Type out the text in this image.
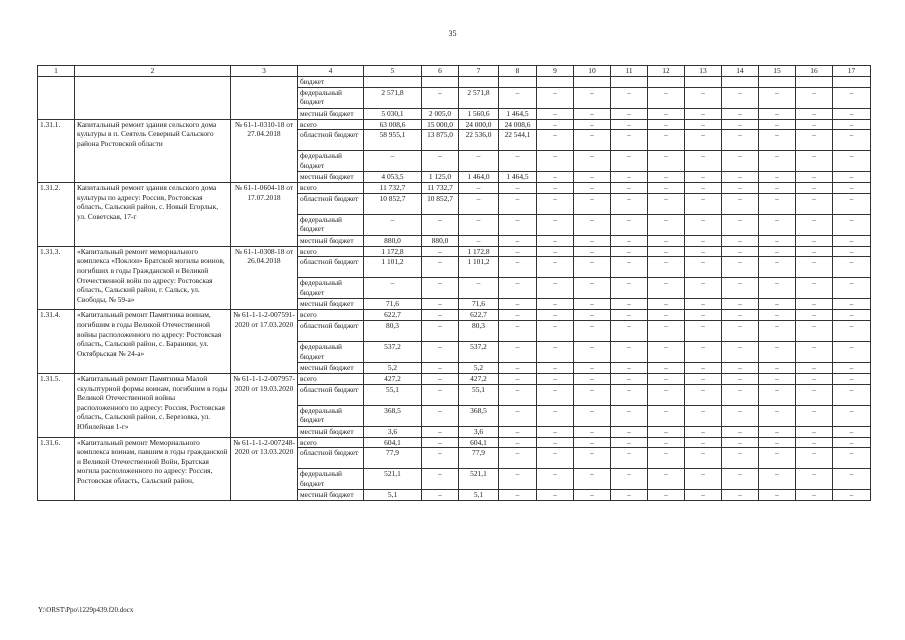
35
1	2	3	4	5	6	7	8	9	10	11	12	13	14	15	16	17
			бюджет													
			федеральный бюджет	2 571,8	–	2 571,8	–	–	–	–	–	–	–	–	–	–
			местный бюджет	5 030,1	2 005,0	1 560,6	1 464,5	–	–	–	–	–	–	–	–	–
1.31.1.	Капитальный ремонт здания сельского дома культуры в п. Сеятель Северный Сальского района Ростовской области	№ 61-1-0310-18 от 27.04.2018	всего	63 008,6	15 000,0	24 000,0	24 008,6	–	–	–	–	–	–	–	–	–
			областной бюджет	58 955,1	13 875,0	22 536,0	22 544,1	–	–	–	–	–	–	–	–	–
			федеральный бюджет	–	–	–	–	–	–	–	–	–	–	–	–	–
			местный бюджет	4 053,5	1 125,0	1 464,0	1 464,5	–	–	–	–	–	–	–	–	–
1.31.2.	Капитальный ремонт здания сельского дома культуры по адресу: Россия, Ростовская область, Сальский район, с. Новый Егорлык, ул. Советская, 17-г	№ 61-1-0604-18 от 17.07.2018	всего	11 732,7	11 732,7	–	–	–	–	–	–	–	–	–	–	–
			областной бюджет	10 852,7	10 852,7	–	–	–	–	–	–	–	–	–	–	–
			федеральный бюджет	–	–	–	–	–	–	–	–	–	–	–	–	–
			местный бюджет	880,0	880,0	–	–	–	–	–	–	–	–	–	–	–
1.31.3.	«Капитальный ремонт мемориального комплекса «Поклон» Братской могилы воинов, погибших в годы Гражданской и Великой Отечественной войн по адресу: Ростовская область, Сальский район, г. Сальск, ул. Свободы, № 59-а»	№ 61-1-0308-18 от 26.04.2018	всего	1 172,8	–	1 172,8	–	–	–	–	–	–	–	–	–	–
			областной бюджет	1 101,2	–	1 101,2	–	–	–	–	–	–	–	–	–	–
			федеральный бюджет	–	–	–	–	–	–	–	–	–	–	–	–	–
			местный бюджет	71,6	–	71,6	–	–	–	–	–	–	–	–	–	–
1.31.4.	«Капитальный ремонт Памятника воинам, погибшим в годы Великой Отечественной войны расположенного по адресу: Ростовская область, Сальский район, с. Бараники, ул. Октябрьская № 24-а»	№ 61-1-1-2-007591-2020 от 17.03.2020	всего	622,7	–	622,7	–	–	–	–	–	–	–	–	–	–
			областной бюджет	80,3	–	80,3	–	–	–	–	–	–	–	–	–	–
			федеральный бюджет	537,2	–	537,2	–	–	–	–	–	–	–	–	–	–
			местный бюджет	5,2	–	5,2	–	–	–	–	–	–	–	–	–	–
1.31.5.	«Капитальный ремонт Памятника Малой скульптурной формы воинам, погибшим в годы Великой Отечественной войны расположенного по адресу: Россия, Ростовская область, Сальский район, с. Березовка, ул. Юбилейная 1-г»	№ 61-1-1-2-007957-2020 от 19.03.2020	всего	427,2	–	427,2	–	–	–	–	–	–	–	–	–	–
			областной бюджет	55,1	–	55,1	–	–	–	–	–	–	–	–	–	–
			федеральный бюджет	368,5	–	368,5	–	–	–	–	–	–	–	–	–	–
			местный бюджет	3,6	–	3,6	–	–	–	–	–	–	–	–	–	–
1.31.6.	«Капитальный ремонт Мемориального комплекса воинам, павшим в годы гражданской и Великой Отечественной Войн, Братская могила расположенного по адресу: Россия, Ростовская область, Сальский район,	№ 61-1-1-2-007248-2020 от 13.03.2020	всего	604,1	–	604,1	–	–	–	–	–	–	–	–	–	–
			областной бюджет	77,9	–	77,9	–	–	–	–	–	–	–	–	–	–
			федеральный бюджет	521,1	–	521,1	–	–	–	–	–	–	–	–	–	–
			местный бюджет	5,1	–	5,1	–	–	–	–	–	–	–	–	–	–
Y:\ORST\Ppo\1229p439.f20.docx
